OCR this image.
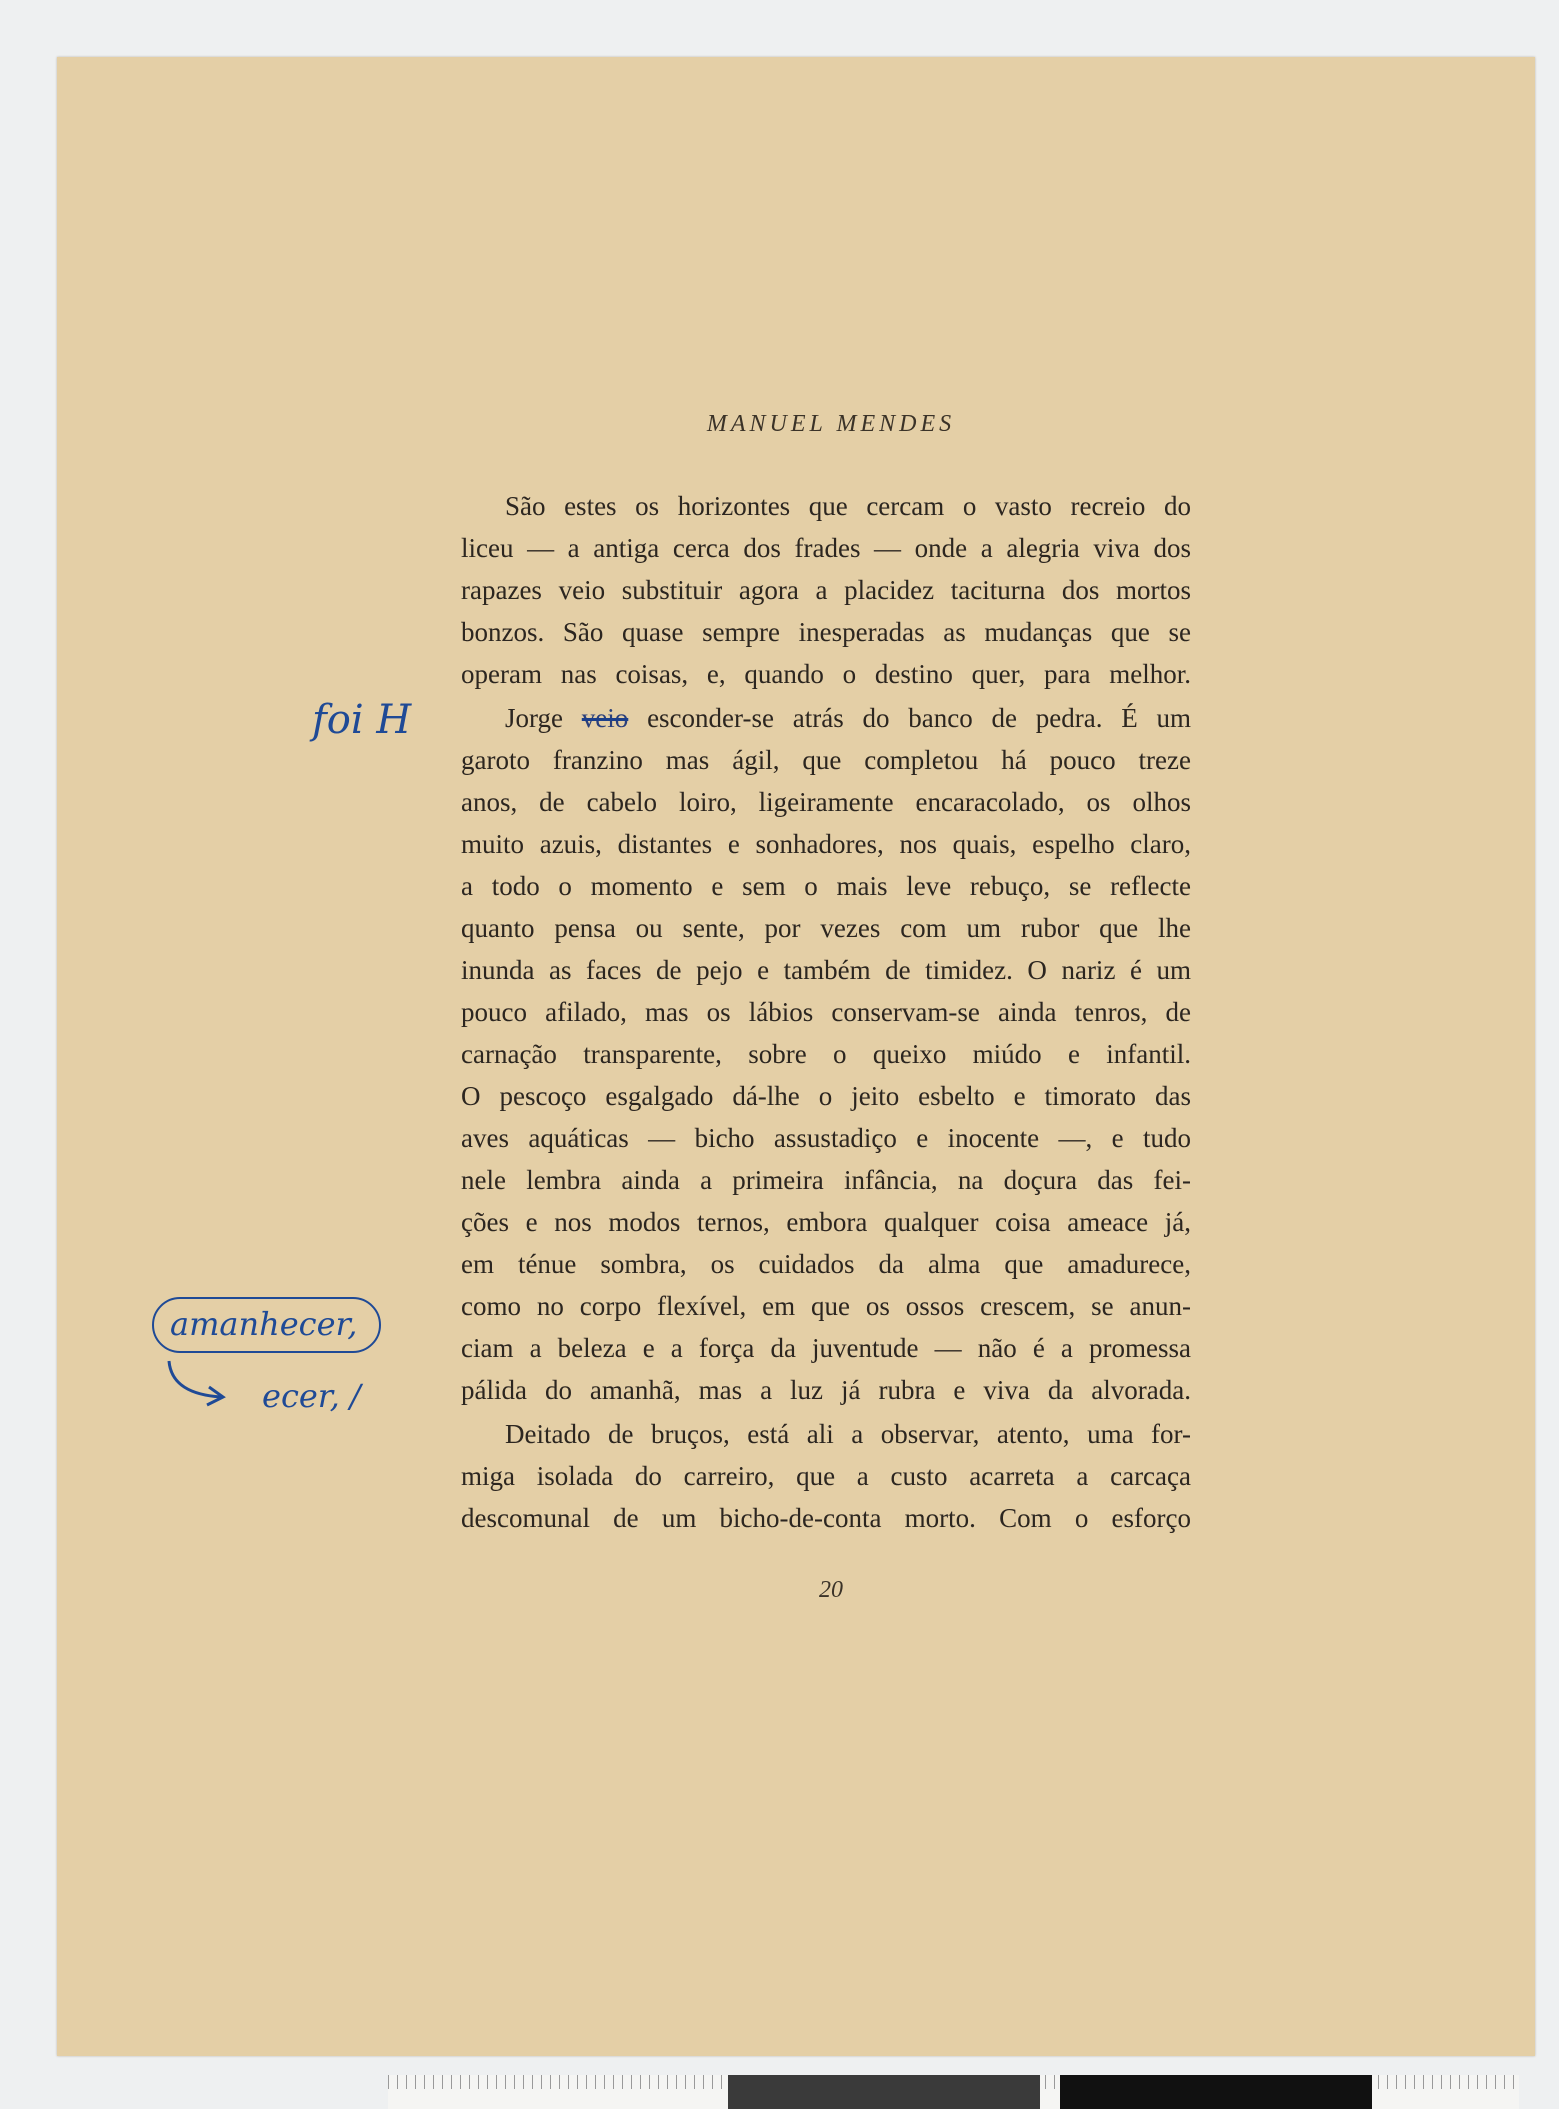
MANUEL MENDES
São estes os horizontes que cercam o vasto recreio do
liceu — a antiga cerca dos frades — onde a alegria viva dos
rapazes veio substituir agora a placidez taciturna dos mortos
bonzos. São quase sempre inesperadas as mudanças que se
operam nas coisas, e, quando o destino quer, para melhor.
Jorge veio esconder-se atrás do banco de pedra. É um
garoto franzino mas ágil, que completou há pouco treze
anos, de cabelo loiro, ligeiramente encaracolado, os olhos
muito azuis, distantes e sonhadores, nos quais, espelho claro,
a todo o momento e sem o mais leve rebuço, se reflecte
quanto pensa ou sente, por vezes com um rubor que lhe
inunda as faces de pejo e também de timidez. O nariz é um
pouco afilado, mas os lábios conservam-se ainda tenros, de
carnação transparente, sobre o queixo miúdo e infantil.
O pescoço esgalgado dá-lhe o jeito esbelto e timorato das
aves aquáticas — bicho assustadiço e inocente —, e tudo
nele lembra ainda a primeira infância, na doçura das fei-
ções e nos modos ternos, embora qualquer coisa ameace já,
em ténue sombra, os cuidados da alma que amadurece,
como no corpo flexível, em que os ossos crescem, se anun-
ciam a beleza e a força da juventude — não é a promessa
pálida do amanhã, mas a luz já rubra e viva da alvorada.
Deitado de bruços, está ali a observar, atento, uma for-
miga isolada do carreiro, que a custo acarreta a carcaça
descomunal de um bicho-de-conta morto. Com o esforço
20
foi H
amanhecer,
ecer, /
